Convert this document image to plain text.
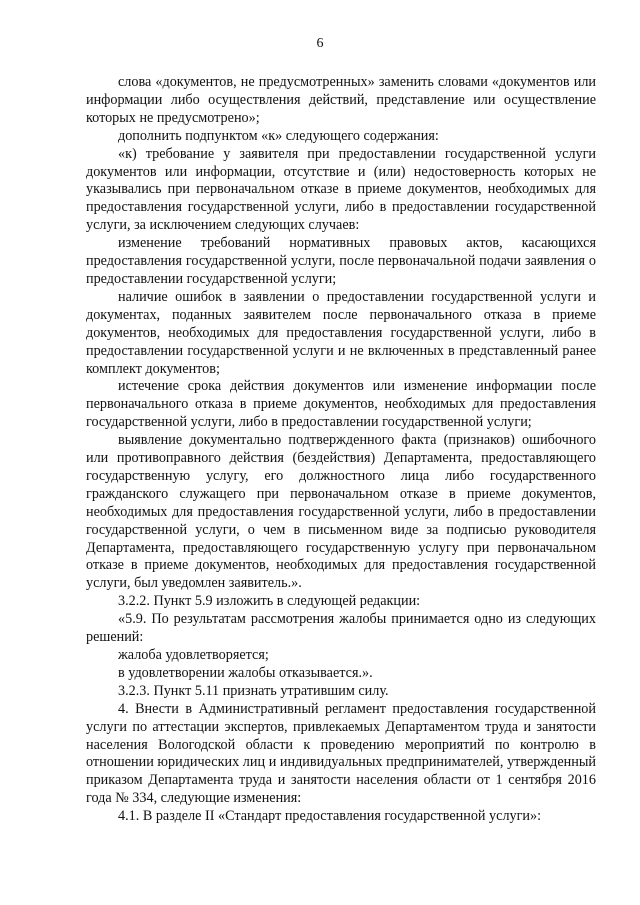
6

слова «документов, не предусмотренных» заменить словами «документов или информации либо осуществления действий, представление или осуществление которых не предусмотрено»;

дополнить подпунктом «к» следующего содержания:

«к) требование у заявителя при предоставлении государственной услуги документов или информации, отсутствие и (или) недостоверность которых не указывались при первоначальном отказе в приеме документов, необходимых для предоставления государственной услуги, либо в предоставлении государственной услуги, за исключением следующих случаев:

изменение требований нормативных правовых актов, касающихся предоставления государственной услуги, после первоначальной подачи заявления о предоставлении государственной услуги;

наличие ошибок в заявлении о предоставлении государственной услуги и документах, поданных заявителем после первоначального отказа в приеме документов, необходимых для предоставления государственной услуги, либо в предоставлении государственной услуги и не включенных в представленный ранее комплект документов;

истечение срока действия документов или изменение информации после первоначального отказа в приеме документов, необходимых для предоставления государственной услуги, либо в предоставлении государственной услуги;

выявление документально подтвержденного факта (признаков) ошибочного или противоправного действия (бездействия) Департамента, предоставляющего государственную услугу, его должностного лица либо государственного гражданского служащего при первоначальном отказе в приеме документов, необходимых для предоставления государственной услуги, либо в предоставлении государственной услуги, о чем в письменном виде за подписью руководителя Департамента, предоставляющего государственную услугу при первоначальном отказе в приеме документов, необходимых для предоставления государственной услуги, был уведомлен заявитель.».

3.2.2. Пункт 5.9 изложить в следующей редакции:

«5.9. По результатам рассмотрения жалобы принимается одно из следующих решений:

жалоба удовлетворяется;

в удовлетворении жалобы отказывается.».

3.2.3. Пункт 5.11 признать утратившим силу.

4. Внести в Административный регламент предоставления государственной услуги по аттестации экспертов, привлекаемых Департаментом труда и занятости населения Вологодской области к проведению мероприятий по контролю в отношении юридических лиц и индивидуальных предпринимателей, утвержденный приказом Департамента труда и занятости населения области от 1 сентября 2016 года № 334, следующие изменения:

4.1. В разделе II «Стандарт предоставления государственной услуги»:
